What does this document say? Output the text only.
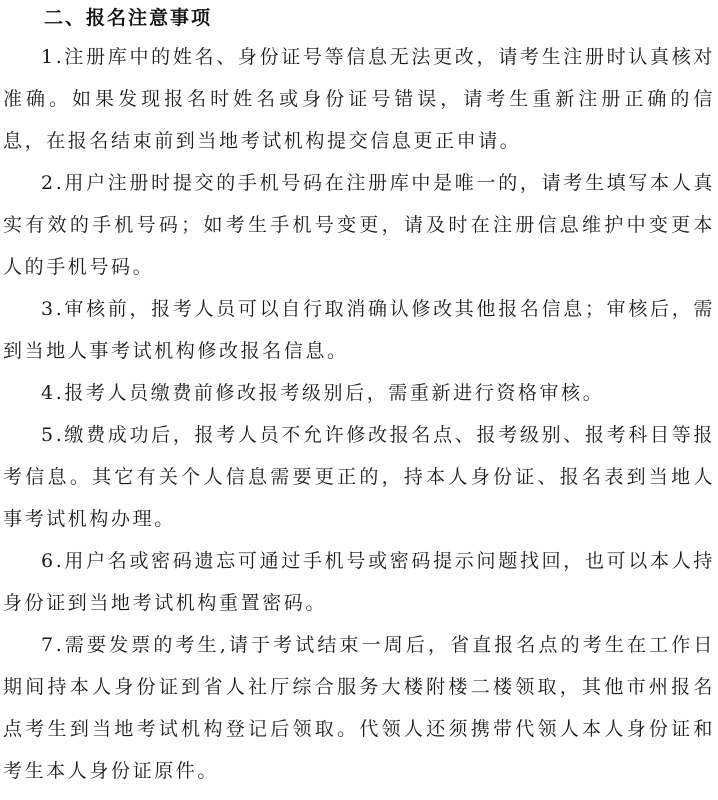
二、报名注意事项

1.注册库中的姓名、身份证号等信息无法更改，请考生注册时认真核对准确。如果发现报名时姓名或身份证号错误，请考生重新注册正确的信息，在报名结束前到当地考试机构提交信息更正申请。

2.用户注册时提交的手机号码在注册库中是唯一的，请考生填写本人真实有效的手机号码；如考生手机号变更，请及时在注册信息维护中变更本人的手机号码。

3.审核前，报考人员可以自行取消确认修改其他报名信息；审核后，需到当地人事考试机构修改报名信息。

4.报考人员缴费前修改报考级别后，需重新进行资格审核。

5.缴费成功后，报考人员不允许修改报名点、报考级别、报考科目等报考信息。其它有关个人信息需要更正的，持本人身份证、报名表到当地人事考试机构办理。

6.用户名或密码遗忘可通过手机号或密码提示问题找回，也可以本人持身份证到当地考试机构重置密码。

7.需要发票的考生,请于考试结束一周后，省直报名点的考生在工作日期间持本人身份证到省人社厅综合服务大楼附楼二楼领取，其他市州报名点考生到当地考试机构登记后领取。代领人还须携带代领人本人身份证和考生本人身份证原件。
